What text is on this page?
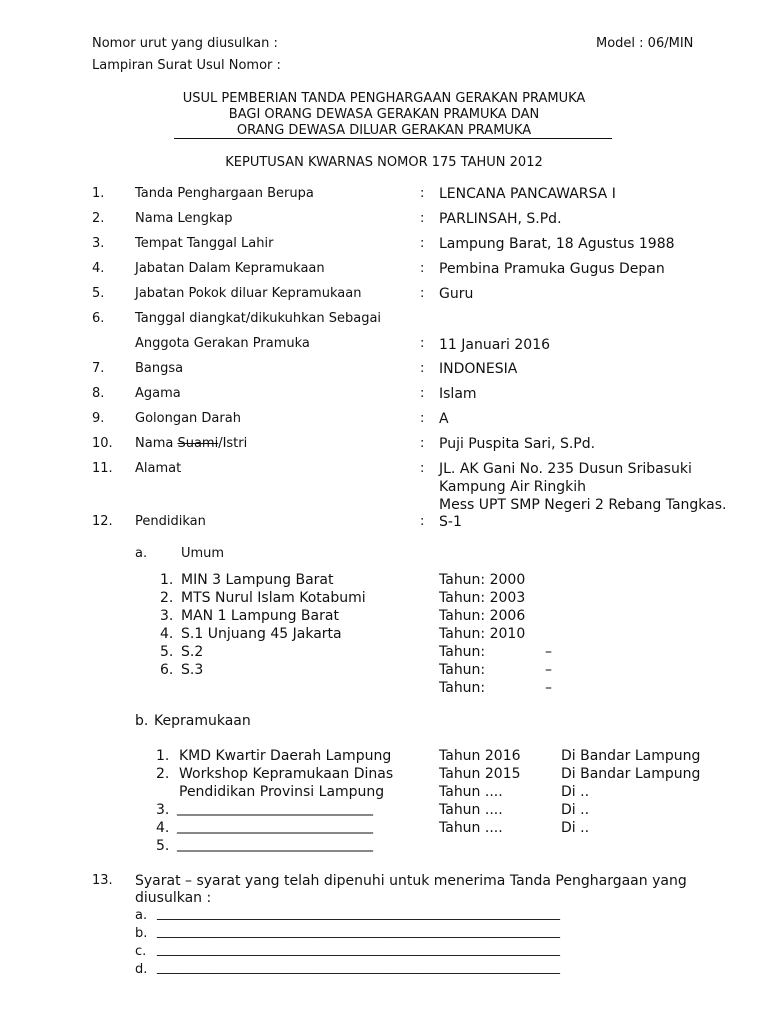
Nomor urut yang diusulkan :	Model : 06/MIN
Lampiran Surat Usul Nomor :
USUL PEMBERIAN TANDA PENGHARGAAN GERAKAN PRAMUKA
BAGI ORANG DEWASA GERAKAN PRAMUKA DAN
ORANG DEWASA DILUAR GERAKAN PRAMUKA
KEPUTUSAN KWARNAS NOMOR 175 TAHUN 2012
1. Tanda Penghargaan Berupa	: LENCANA PANCAWARSA I
2. Nama Lengkap	: PARLINSAH, S.Pd.
3. Tempat Tanggal Lahir	: Lampung Barat, 18 Agustus 1988
4. Jabatan Dalam Kepramukaan	: Pembina Pramuka Gugus Depan
5. Jabatan Pokok diluar Kepramukaan	: Guru
6. Tanggal diangkat/dikukuhkan Sebagai
Anggota Gerakan Pramuka	: 11 Januari 2016
7. Bangsa	: INDONESIA
8. Agama	: Islam
9. Golongan Darah	: A
10. Nama Suami/Istri	: Puji Puspita Sari, S.Pd.
11. Alamat	: JL. AK Gani No. 235 Dusun Sribasuki
Kampung Air Ringkih
Mess UPT SMP Negeri 2 Rebang Tangkas.
12. Pendidikan	: S-1
a.	Umum
1. MIN 3 Lampung Barat	Tahun: 2000
2. MTS Nurul Islam Kotabumi	Tahun: 2003
3. MAN 1 Lampung Barat	Tahun: 2006
4. S.1 Unjuang 45 Jakarta	Tahun: 2010
5. S.2	Tahun:	–
6. S.3	Tahun:	–
Tahun:	–
b. Kepramukaan
1. KMD Kwartir Daerah Lampung	Tahun 2016	Di Bandar Lampung
2. Workshop Kepramukaan Dinas	Tahun 2015	Di Bandar Lampung
Pendidikan Provinsi Lampung	Tahun ....	Di ..
3. ____________________________	Tahun ....	Di ..
4. ____________________________	Tahun ....	Di ..
5. ____________________________
13. Syarat – syarat yang telah dipenuhi untuk menerima Tanda Penghargaan yang
diusulkan :
a. ______________________________________________________________
b. ______________________________________________________________
c. ______________________________________________________________
d. ______________________________________________________________
